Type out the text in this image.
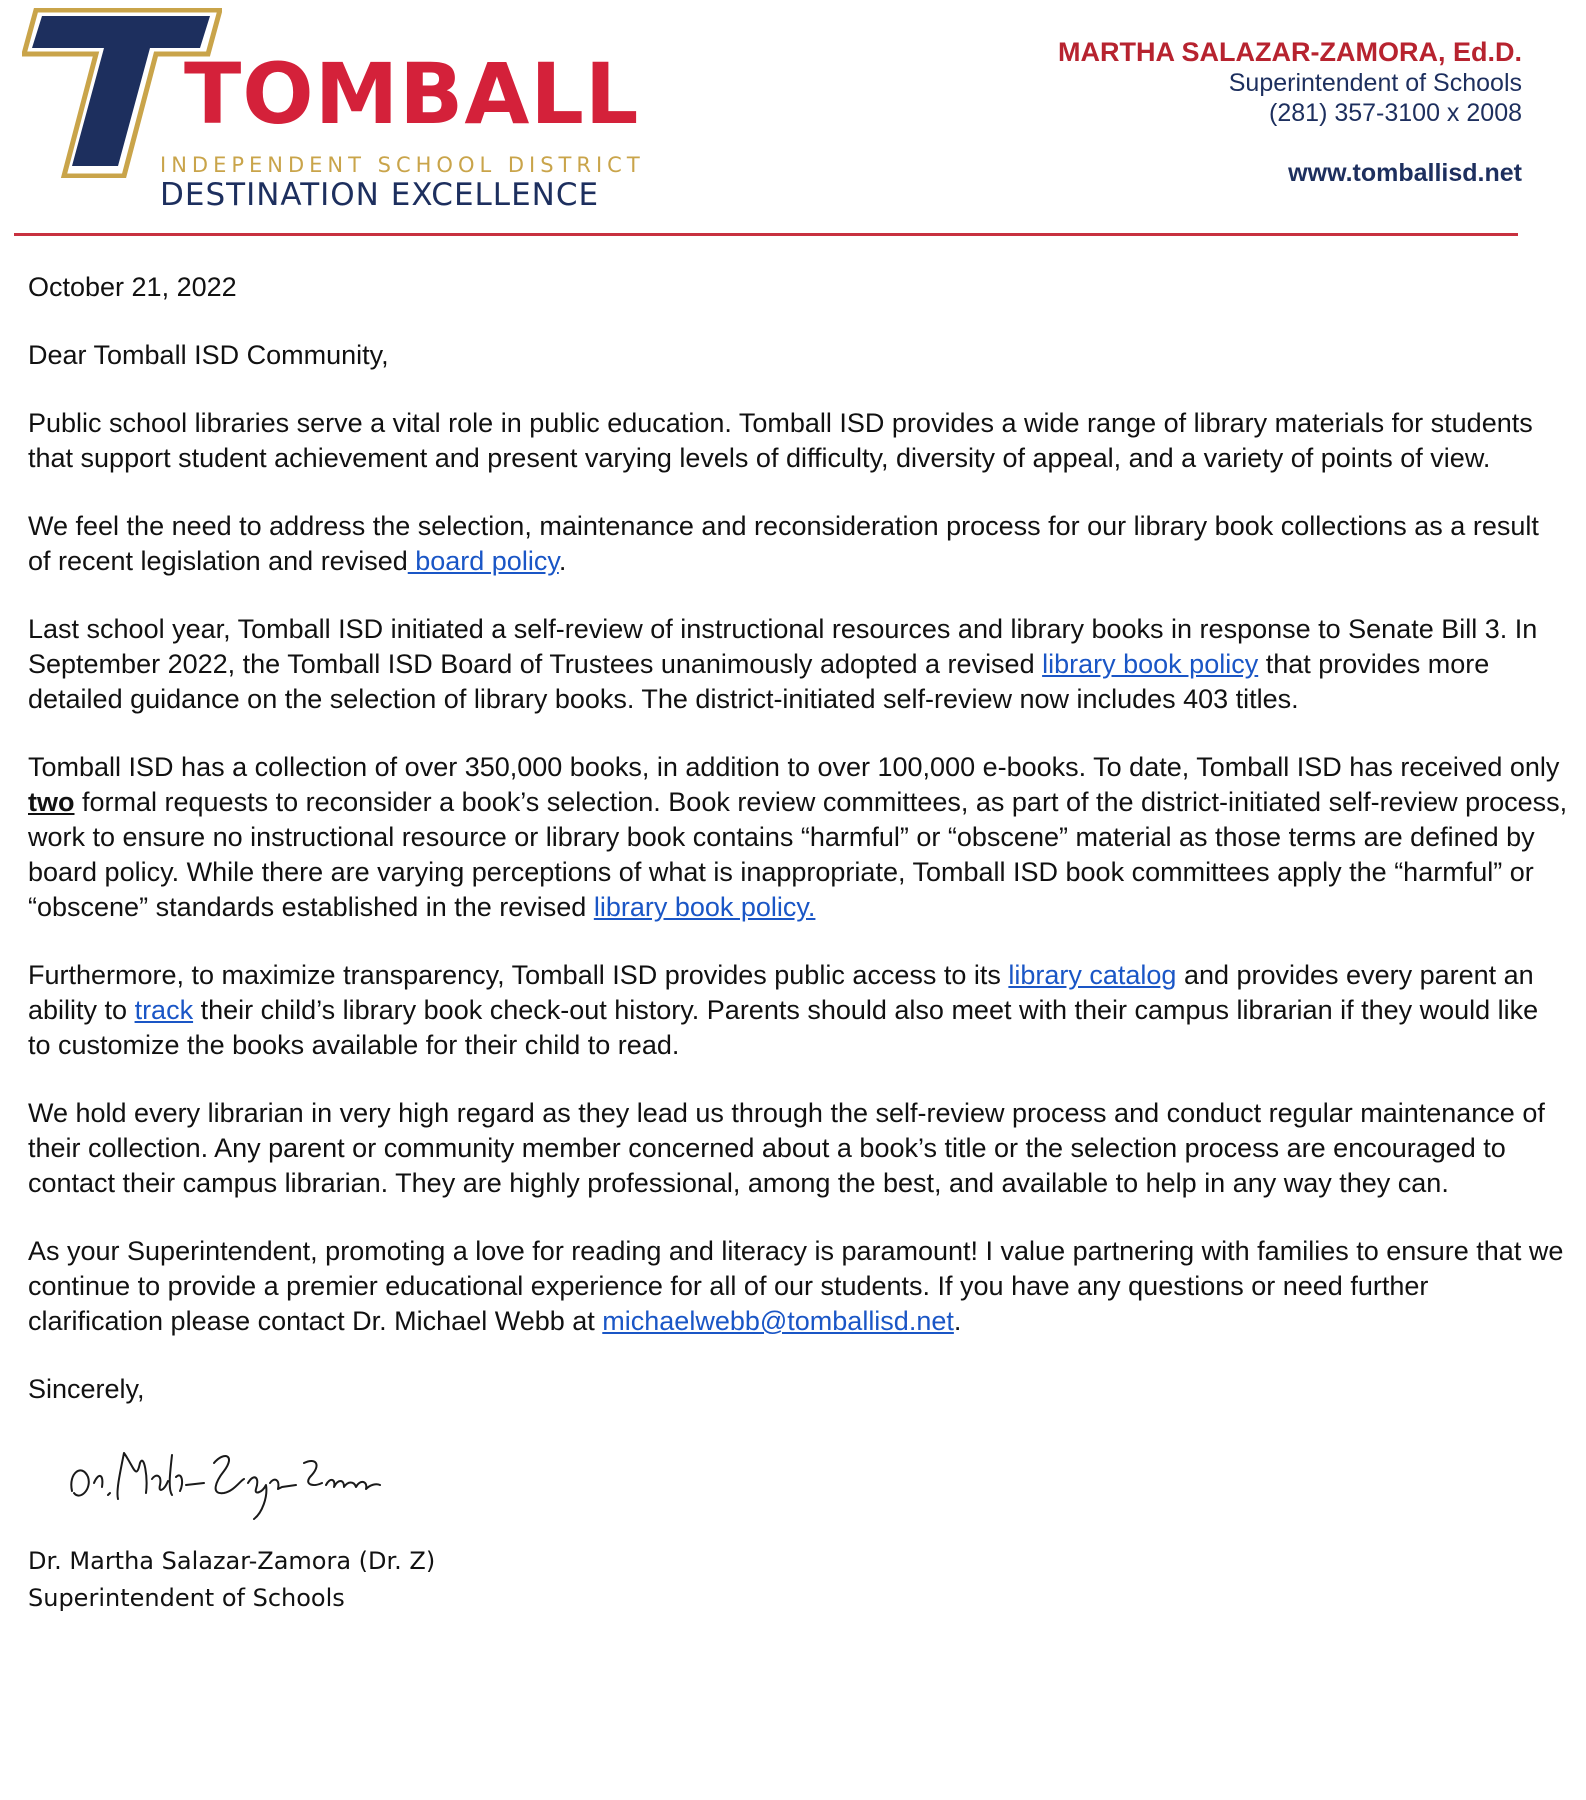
TOMBALL
INDEPENDENT SCHOOL DISTRICT
DESTINATION EXCELLENCE
MARTHA SALAZAR-ZAMORA, Ed.D.
Superintendent of Schools
(281) 357-3100 x 2008
www.tomballisd.net

October 21, 2022

Dear Tomball ISD Community,

Public school libraries serve a vital role in public education. Tomball ISD provides a wide range of library materials for students that support student achievement and present varying levels of difficulty, diversity of appeal, and a variety of points of view.

We feel the need to address the selection, maintenance and reconsideration process for our library book collections as a result of recent legislation and revised board policy.

Last school year, Tomball ISD initiated a self-review of instructional resources and library books in response to Senate Bill 3. In September 2022, the Tomball ISD Board of Trustees unanimously adopted a revised library book policy that provides more detailed guidance on the selection of library books. The district-initiated self-review now includes 403 titles.

Tomball ISD has a collection of over 350,000 books, in addition to over 100,000 e-books. To date, Tomball ISD has received only two formal requests to reconsider a book’s selection. Book review committees, as part of the district-initiated self-review process, work to ensure no instructional resource or library book contains “harmful” or “obscene” material as those terms are defined by board policy. While there are varying perceptions of what is inappropriate, Tomball ISD book committees apply the “harmful” or “obscene” standards established in the revised library book policy.

Furthermore, to maximize transparency, Tomball ISD provides public access to its library catalog and provides every parent an ability to track their child’s library book check-out history. Parents should also meet with their campus librarian if they would like to customize the books available for their child to read.

We hold every librarian in very high regard as they lead us through the self-review process and conduct regular maintenance of their collection. Any parent or community member concerned about a book’s title or the selection process are encouraged to contact their campus librarian. They are highly professional, among the best, and available to help in any way they can.

As your Superintendent, promoting a love for reading and literacy is paramount! I value partnering with families to ensure that we continue to provide a premier educational experience for all of our students. If you have any questions or need further clarification please contact Dr. Michael Webb at michaelwebb@tomballisd.net.

Sincerely,

Dr. Martha Salazar-Zamora (Dr. Z)
Superintendent of Schools
